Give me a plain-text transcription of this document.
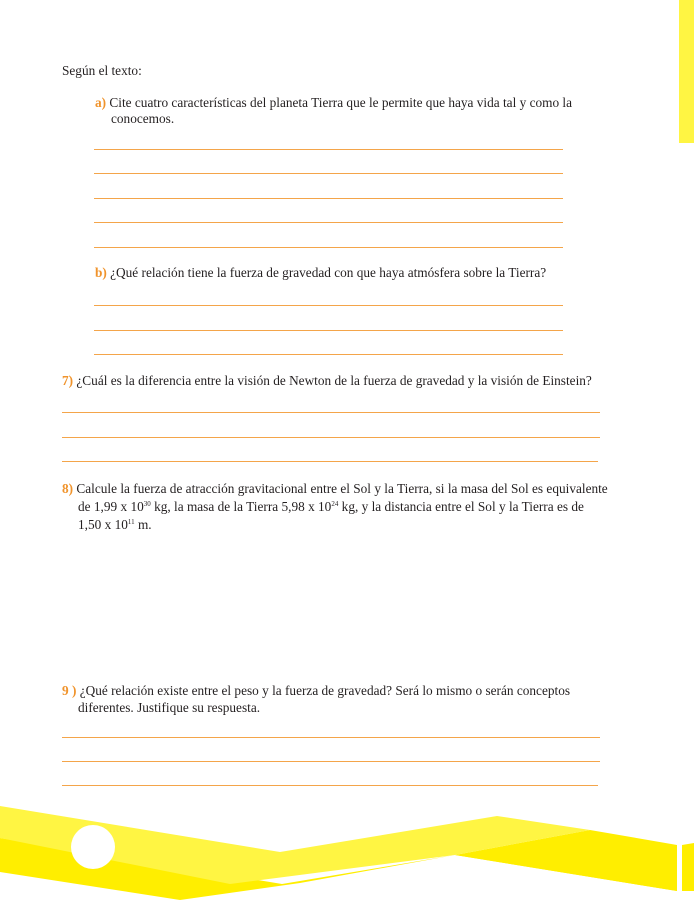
Según el texto:
a) Cite cuatro características del planeta Tierra que le permite que haya vida tal y como la
conocemos.
b) ¿Qué relación tiene la fuerza de gravedad con que haya atmósfera sobre la Tierra?
7) ¿Cuál es la diferencia entre la visión de Newton de la fuerza de gravedad y la visión de Einstein?
8) Calcule la fuerza de atracción gravitacional entre el Sol y la Tierra, si la masa del Sol es equivalente
de 1,99 x $10^{30}$ kg, la masa de la Tierra 5,98 x $10^{24}$ kg, y la distancia entre el Sol y la Tierra es de
1,50 x $10^{11}$ m.
9 ) ¿Qué relación existe entre el peso y la fuerza de gravedad? Será lo mismo o serán conceptos
diferentes. Justifique su respuesta.
